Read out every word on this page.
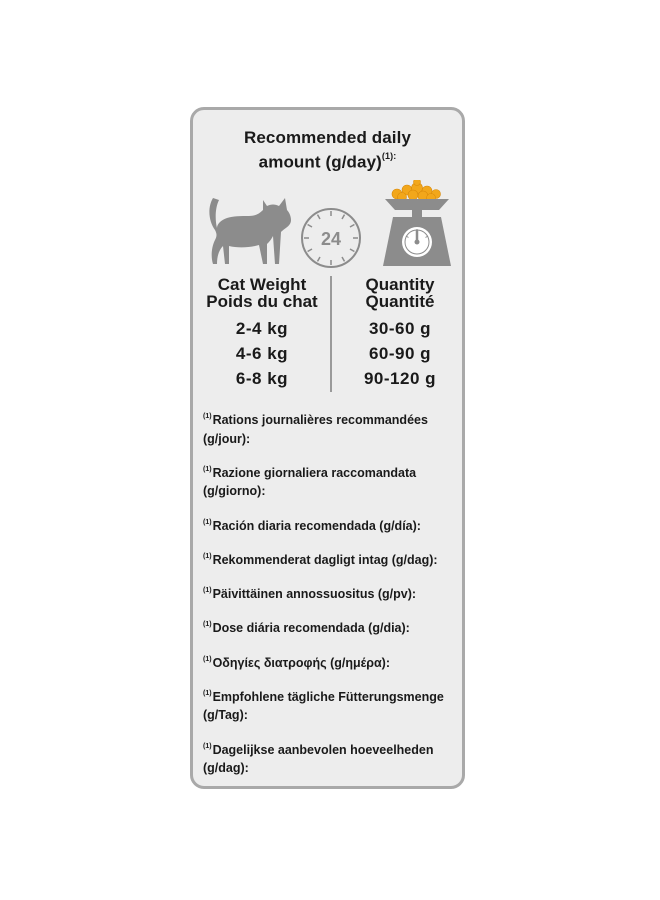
Recommended daily
amount $(g/day)^{(1):}$
24
Cat Weight
Poids du chat
2-4 kg
4-6 kg
6-8 kg
Quantity
Quantité
30-60 g
60-90 g
90-120 g
$^{(1)}$Rations journalières recommandées (g/jour):
$^{(1)}$Razione giornaliera raccomandata (g/giorno):
$^{(1)}$Ración diaria recomendada (g/día):
$^{(1)}$Rekommenderat dagligt intag (g/dag):
$^{(1)}$Päivittäinen annossuositus (g/pv):
$^{(1)}$Dose diária recomendada (g/dia):
$^{(1)}$Οδηγίες διατροφής (g/ημέρα):
$^{(1)}$Empfohlene tägliche Fütterungsmenge (g/Tag):
$^{(1)}$Dagelijkse aanbevolen hoeveelheden (g/dag):
